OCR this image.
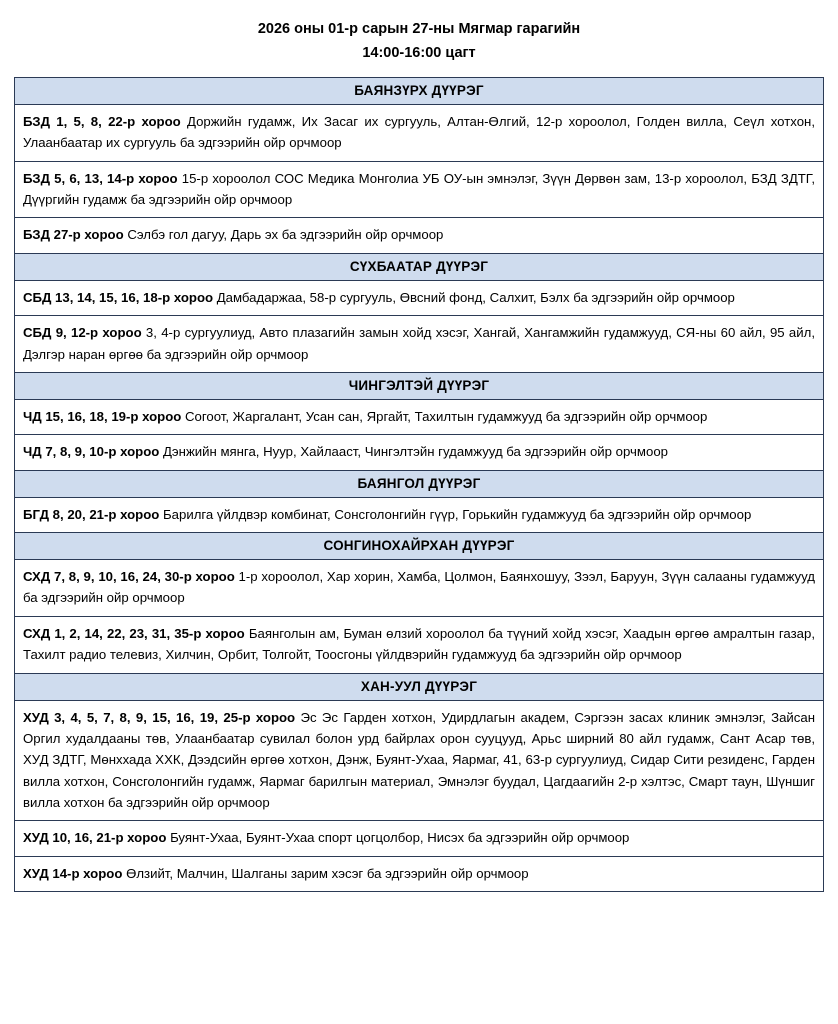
2026 оны 01-р сарын 27-ны Мягмар гарагийн
14:00-16:00 цагт
БАЯНЗҮРХ ДҮҮРЭГ
БЗД 1, 5, 8, 22-р хороо Доржийн гудамж, Их Засаг их сургууль, Алтан-Өлгий, 12-р хороолол, Голден вилла, Сеүл хотхон, Улаанбаатар их сургууль ба эдгээрийн ойр орчмоор
БЗД 5, 6, 13, 14-р хороо 15-р хороолол СОС Медика Монголиа УБ ОУ-ын эмнэлэг, Зүүн Дөрвөн зам, 13-р хороолол, БЗД ЗДТГ, Дүүргийн гудамж ба эдгээрийн ойр орчмоор
БЗД 27-р хороо Сэлбэ гол дагуу, Дарь эх ба эдгээрийн ойр орчмоор
СҮХБААТАР ДҮҮРЭГ
СБД 13, 14, 15, 16, 18-р хороо Дамбадаржаа, 58-р сургууль, Өвсний фонд, Салхит, Бэлх ба эдгээрийн ойр орчмоор
СБД 9, 12-р хороо 3, 4-р сургуулиуд, Авто плазагийн замын хойд хэсэг, Хангай, Хангамжийн гудамжууд, СЯ-ны 60 айл, 95 айл, Дэлгэр наран өргөө ба эдгээрийн ойр орчмоор
ЧИНГЭЛТЭЙ ДҮҮРЭГ
ЧД 15, 16, 18, 19-р хороо Согоот, Жаргалант, Усан сан, Яргайт, Тахилтын гудамжууд ба эдгээрийн ойр орчмоор
ЧД 7, 8, 9, 10-р хороо Дэнжийн мянга, Нуур, Хайлааст, Чингэлтэйн гудамжууд ба эдгээрийн ойр орчмоор
БАЯНГОЛ ДҮҮРЭГ
БГД 8, 20, 21-р хороо Барилга үйлдвэр комбинат, Сонсголонгийн гүүр, Горькийн гудамжууд ба эдгээрийн ойр орчмоор
СОНГИНОХАЙРХАН ДҮҮРЭГ
СХД 7, 8, 9, 10, 16, 24, 30-р хороо 1-р хороолол, Хар хорин, Хамба, Цолмон, Баянхошуу, Зээл, Баруун, Зүүн салааны гудамжууд ба эдгээрийн ойр орчмоор
СХД 1, 2, 14, 22, 23, 31, 35-р хороо Баянголын ам, Буман өлзий хороолол ба түүний хойд хэсэг, Хаадын өргөө амралтын газар, Тахилт радио телевиз, Хилчин, Орбит, Толгойт, Тоосгоны үйлдвэрийн гудамжууд ба эдгээрийн ойр орчмоор
ХАН-УУЛ ДҮҮРЭГ
ХУД 3, 4, 5, 7, 8, 9, 15, 16, 19, 25-р хороо Эс Эс Гарден хотхон, Удирдлагын академ, Сэргээн засах клиник эмнэлэг, Зайсан Оргил худалдааны төв, Улаанбаатар сувилал болон урд байрлах орон сууцууд, Арьс ширний 80 айл гудамж, Сант Асар төв, ХУД ЗДТГ, Мөнххада ХХК, Дээдсийн өргөө хотхон, Дэнж, Буянт-Ухаа, Яармаг, 41, 63-р сургуулиуд, Сидар Сити резиденс, Гарден вилла хотхон, Сонсголонгийн гудамж, Яармаг барилгын материал, Эмнэлэг буудал, Цагдаагийн 2-р хэлтэс, Смарт таун, Шүншиг вилла хотхон ба эдгээрийн ойр орчмоор
ХУД 10, 16, 21-р хороо Буянт-Ухаа, Буянт-Ухаа спорт цогцолбор, Нисэх ба эдгээрийн ойр орчмоор
ХУД 14-р хороо Өлзийт, Малчин, Шалганы зарим хэсэг ба эдгээрийн ойр орчмоор
